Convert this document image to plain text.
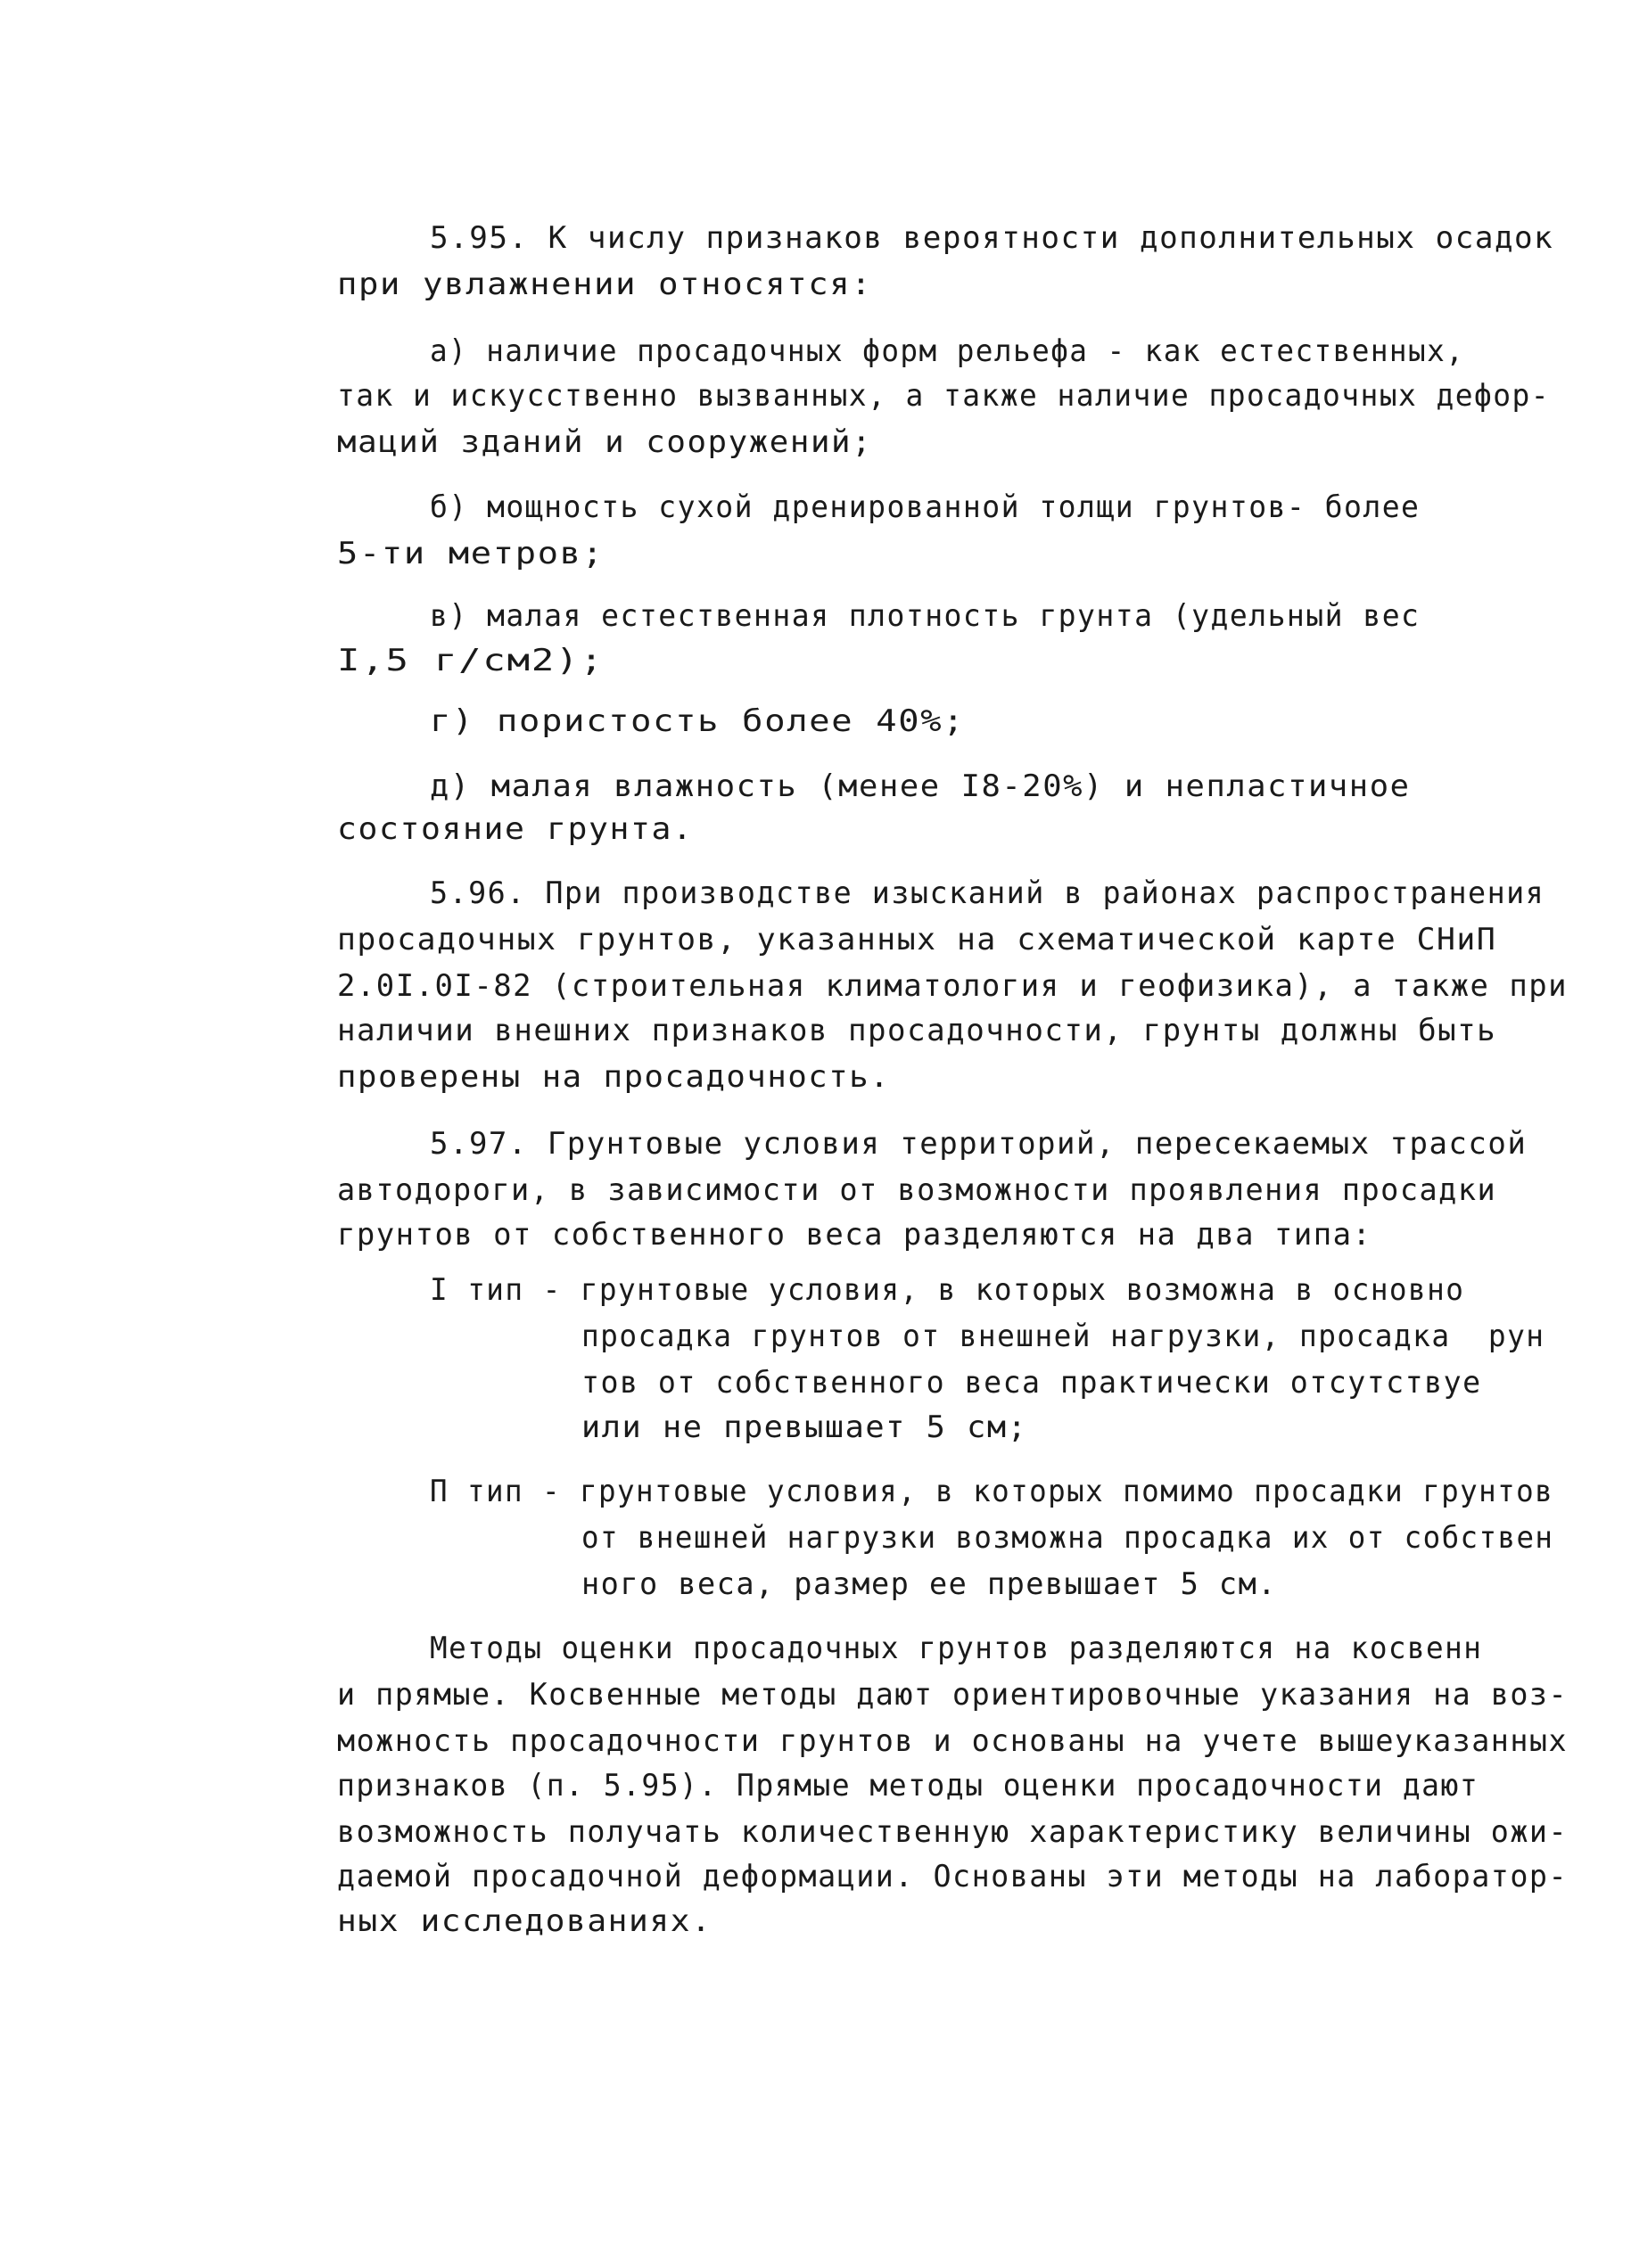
5.95. К числу признаков вероятности дополнительных осадок
при увлажнении относятся:
а) наличие просадочных форм рельефа - как естественных,
так и искусственно вызванных, а также наличие просадочных дефор-
маций зданий и сооружений;
б) мощность сухой дренированной толщи грунтов- более
5-ти метров;
в) малая естественная плотность грунта (удельный вес
I,5 г/см2);
г) пористость более 40%;
д) малая влажность (менее I8-20%) и непластичное
состояние грунта.
5.96. При производстве изысканий в районах распространения
просадочных грунтов, указанных на схематической карте СНиП
2.0I.0I-82 (строительная климатология и геофизика), а также при
наличии внешних признаков просадочности, грунты должны быть
проверены на просадочность.
5.97. Грунтовые условия территорий, пересекаемых трассой
автодороги, в зависимости от возможности проявления просадки
грунтов от собственного веса разделяются на два типа:
I тип - грунтовые условия, в которых возможна в основно
просадка грунтов от внешней нагрузки, просадка  рун
тов от собственного веса практически отсутствуе
или не превышает 5 см;
П тип - грунтовые условия, в которых помимо просадки грунтов
от внешней нагрузки возможна просадка их от собствен
ного веса, размер ее превышает 5 см.
Методы оценки просадочных грунтов разделяются на косвенн
и прямые. Косвенные методы дают ориентировочные указания на воз-
можность просадочности грунтов и основаны на учете вышеуказанных
признаков (п. 5.95). Прямые методы оценки просадочности дают
возможность получать количественную характеристику величины ожи-
даемой просадочной деформации. Основаны эти методы на лаборатор-
ных исследованиях.
